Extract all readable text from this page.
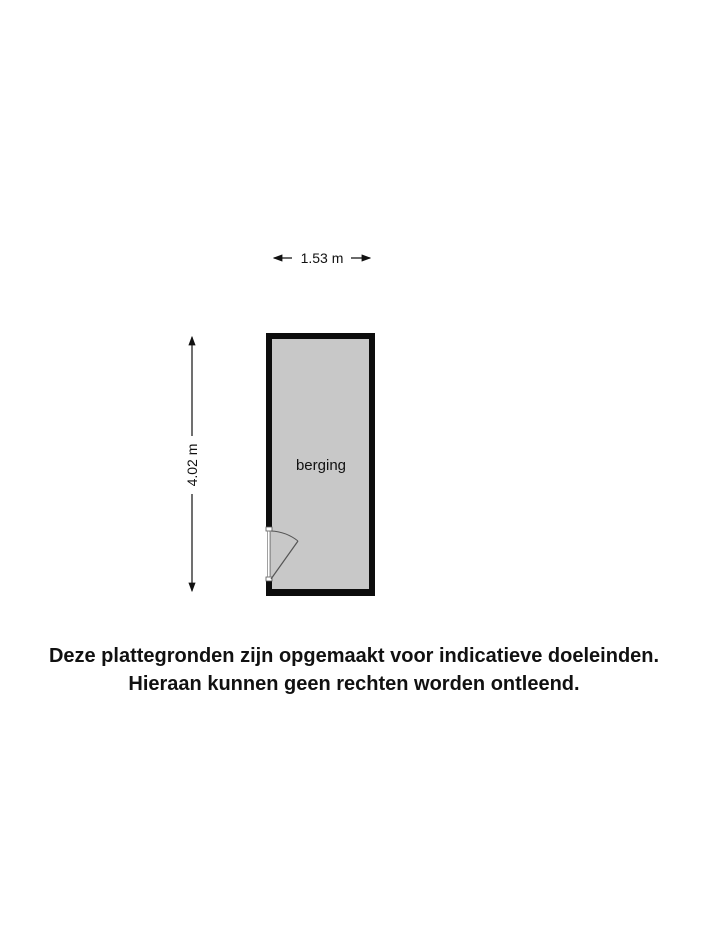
1.53 m
4.02 m	berging
Deze plattegronden zijn opgemaakt voor indicatieve doeleinden.
Hieraan kunnen geen rechten worden ontleend.
